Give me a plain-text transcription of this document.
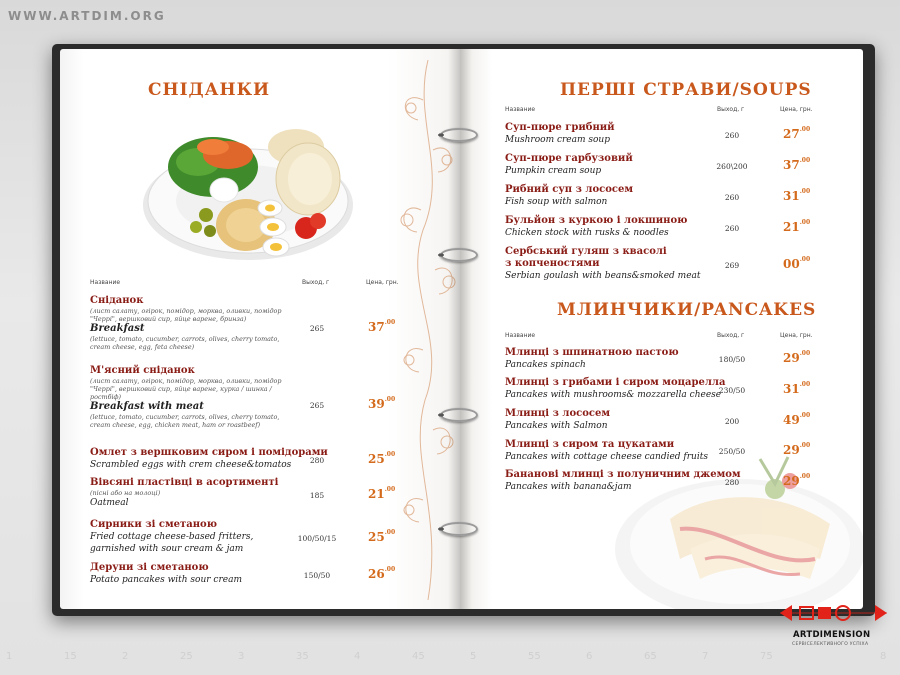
WWW.ARTDIM.ORG
СНІДАНКИ
Название	Выход, г	Цена, грн.
Сніданок
(лист салату, огірок, помідор, морква, оливки, помідор "Черрі", вершковий сир, яйце варене, бринза)
Breakfast
(lettuce, tomato, cucumber, carrots, olives, cherry tomato, cream cheese, egg, feta cheese)
265	$37^{.00}$
М'ясний сніданок
(лист салату, огірок, помідор, морква, оливки, помідор "Черрі", вершковий сир, яйце варене, курка / шинка / ростбіф)
Breakfast with meat
(lettuce, tomato, cucumber, carrots, olives, cherry tomato, cream cheese, egg, chicken meat, ham or roastbeef)
265	$39^{.00}$
Омлет з вершковим сиром і помідорами
Scrambled eggs with crem cheese&tomatos	280	$25^{.00}$
Вівсяні пластівці в асортименті
(пісні або на молоці)
Oatmeal
185	$21^{.00}$
Сирники зі сметаною
Fried cottage cheese-based fritters, garnished with sour cream & jam
100/50/15	$25^{.00}$
Деруни зі сметаною
Potato pancakes with sour cream	150/50	$26^{.00}$
ПЕРШІ СТРАВИ/SOUPS
Название	Выход, г	Цена, грн.
Суп-пюре грибний
Mushroom cream soup	260	$27^{.00}$
Суп-пюре гарбузовий
Pumpkin cream soup	260\200	$37^{.00}$
Рибний суп з лососем
Fish soup with salmon	260	$31^{.00}$
Бульйон з куркою і локшиною
Chicken stock with rusks & noodles	260	$21^{.00}$
Сербський гуляш з квасолі з копченостями
Serbian goulash with beans&smoked meat
269	$00^{.00}$
МЛИНЧИКИ/PANCAKES
Название	Выход, г	Цена, грн.
Млинці з шпинатною пастою
Pancakes spinach
180/50	$29^{.00}$
Млинці з грибами і сиром моцарелла
Pancakes with mushrooms& mozzarella cheese
230/50	$31^{.00}$
Млинці з лососем
Pancakes with Salmon	200	$49^{.00}$
Млинці з сиром та цукатами
Pancakes with cottage cheese candied fruits
250/50	$29^{.00}$
Бананові млинці з полуничним джемом
Pancakes with banana&jam	280	$29^{.00}$
ARTDIMENSION
СЕРВІСЕЛЕКТИВНОГО УСПІХА
1	15	2	25	3	35	4	45	5	55	6	65	7	75	8
